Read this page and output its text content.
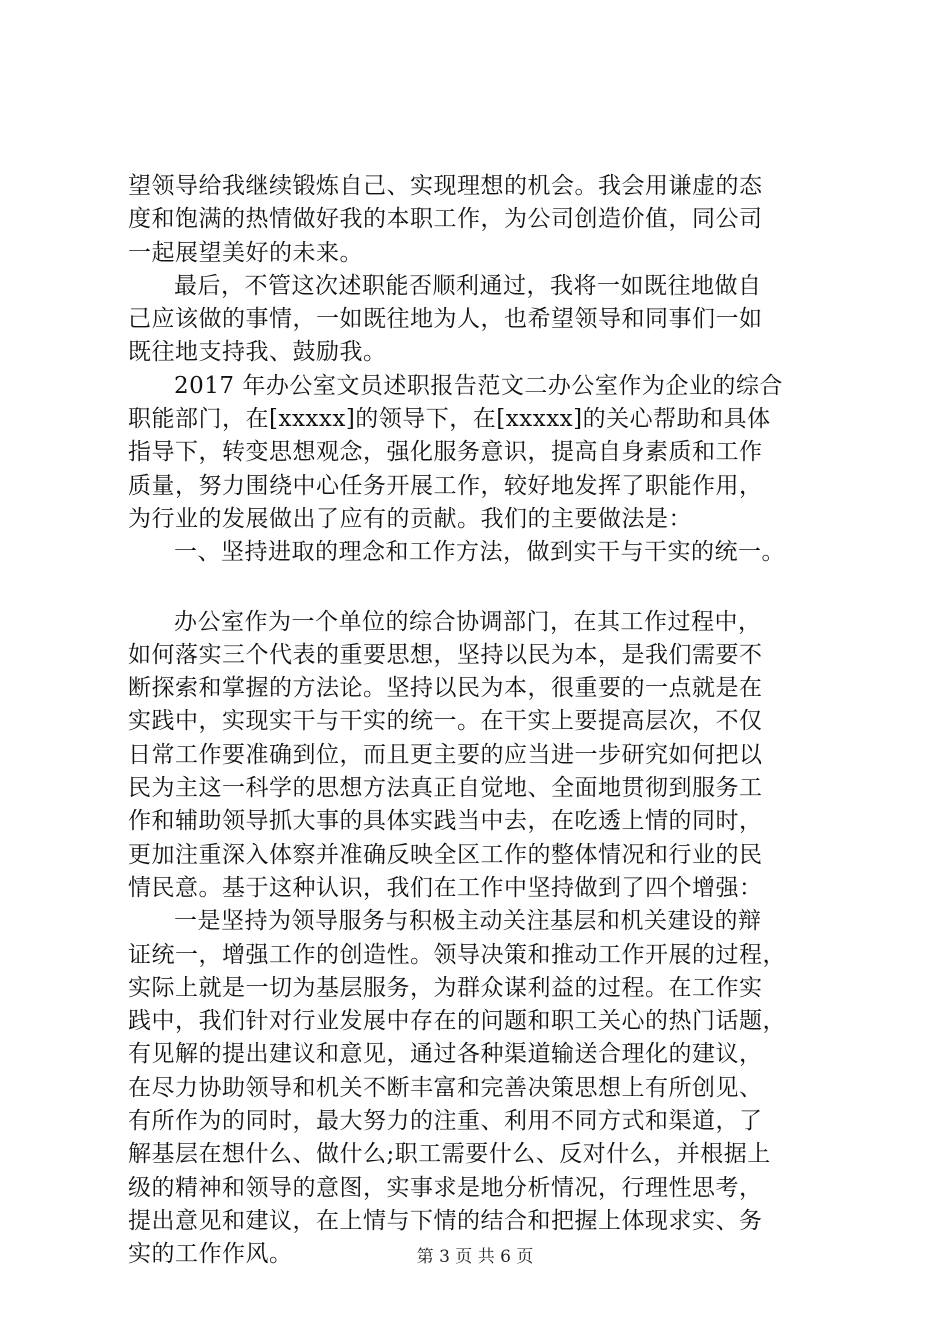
望领导给我继续锻炼自己、实现理想的机会。我会用谦虚的态
度和饱满的热情做好我的本职工作，为公司创造价值，同公司
一起展望美好的未来。
最后，不管这次述职能否顺利通过，我将一如既往地做自
己应该做的事情，一如既往地为人，也希望领导和同事们一如
既往地支持我、鼓励我。
2017 年办公室文员述职报告范文二办公室作为企业的综合
职能部门，在[xxxxx]的领导下，在[xxxxx]的关心帮助和具体
指导下，转变思想观念，强化服务意识，提高自身素质和工作
质量，努力围绕中心任务开展工作，较好地发挥了职能作用，
为行业的发展做出了应有的贡献。我们的主要做法是：
一、坚持进取的理念和工作方法，做到实干与干实的统一。
办公室作为一个单位的综合协调部门，在其工作过程中，
如何落实三个代表的重要思想，坚持以民为本，是我们需要不
断探索和掌握的方法论。坚持以民为本，很重要的一点就是在
实践中，实现实干与干实的统一。在干实上要提高层次，不仅
日常工作要准确到位，而且更主要的应当进一步研究如何把以
民为主这一科学的思想方法真正自觉地、全面地贯彻到服务工
作和辅助领导抓大事的具体实践当中去，在吃透上情的同时，
更加注重深入体察并准确反映全区工作的整体情况和行业的民
情民意。基于这种认识，我们在工作中坚持做到了四个增强：
一是坚持为领导服务与积极主动关注基层和机关建设的辩
证统一，增强工作的创造性。领导决策和推动工作开展的过程，
实际上就是一切为基层服务，为群众谋利益的过程。在工作实
践中，我们针对行业发展中存在的问题和职工关心的热门话题，
有见解的提出建议和意见，通过各种渠道输送合理化的建议，
在尽力协助领导和机关不断丰富和完善决策思想上有所创见、
有所作为的同时，最大努力的注重、利用不同方式和渠道，了
解基层在想什么、做什么;职工需要什么、反对什么，并根据上
级的精神和领导的意图，实事求是地分析情况，行理性思考，
提出意见和建议，在上情与下情的结合和把握上体现求实、务
实的工作作风。	第 3 页 共 6 页
